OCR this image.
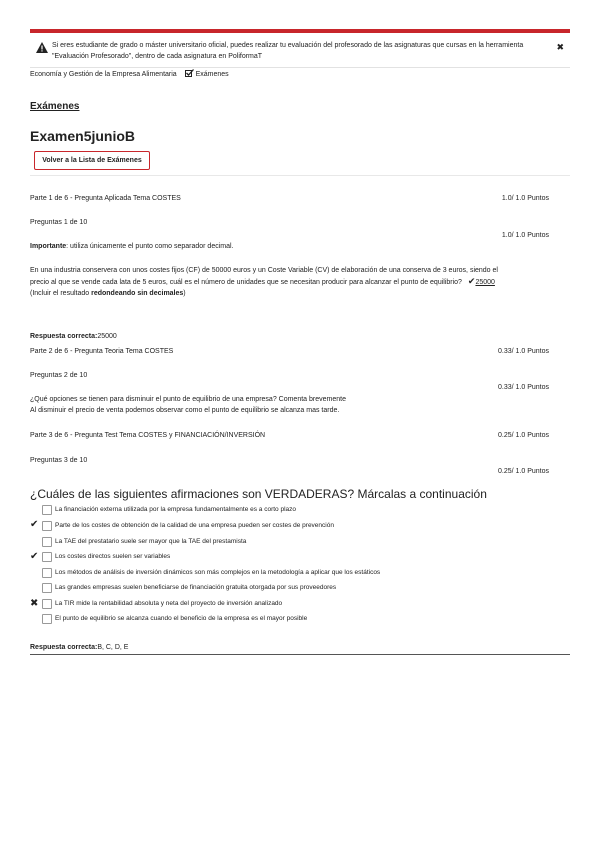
Si eres estudiante de grado o máster universitario oficial, puedes realizar tu evaluación del profesorado de las asignaturas que cursas en la herramienta "Evaluación Profesorado", dentro de cada asignatura en PoliformaT
✖
Economía y Gestión de la Empresa Alimentaria	Exámenes
Exámenes
Examen5junioB
Volver a la Lista de Exámenes
Parte 1 de 6 - Pregunta Aplicada Tema COSTES	1.0/ 1.0 Puntos
Preguntas 1 de 10
1.0/ 1.0 Puntos
Importante: utiliza únicamente el punto como separador decimal.
En una industria conservera con unos costes fijos (CF) de 50000 euros y un Coste Variable (CV) de elaboración de una conserva de 3 euros, siendo el
precio al que se vende cada lata de 5 euros, cuál es el número de unidades que se necesitan producir para alcanzar el punto de equilibrio? ✔25000
(Incluir el resultado redondeando sin decimales)
Respuesta correcta:25000
Parte 2 de 6 - Pregunta Teoria Tema COSTES	0.33/ 1.0 Puntos
Preguntas 2 de 10
0.33/ 1.0 Puntos
¿Qué opciones se tienen para disminuir el punto de equilibrio de una empresa? Comenta brevemente
Al disminuir el precio de venta podemos observar como el punto de equilibrio se alcanza mas tarde.
Parte 3 de 6 - Pregunta Test Tema COSTES y FINANCIACIÓN/INVERSIÓN	0.25/ 1.0 Puntos
Preguntas 3 de 10
0.25/ 1.0 Puntos
¿Cuáles de las siguientes afirmaciones son VERDADERAS? Márcalas a continuación
✔
✔
✖
La financiación externa utilizada por la empresa fundamentalmente es a corto plazo
Parte de los costes de obtención de la calidad de una empresa pueden ser costes de prevención
La TAE del prestatario suele ser mayor que la TAE del prestamista
Los costes directos suelen ser variables
Los métodos de análisis de inversión dinámicos son más complejos en la metodología a aplicar que los estáticos
Las grandes empresas suelen beneficiarse de financiación gratuita otorgada por sus proveedores
La TIR mide la rentabilidad absoluta y neta del proyecto de inversión analizado
El punto de equilibrio se alcanza cuando el beneficio de la empresa es el mayor posible
Respuesta correcta:B, C, D, E
